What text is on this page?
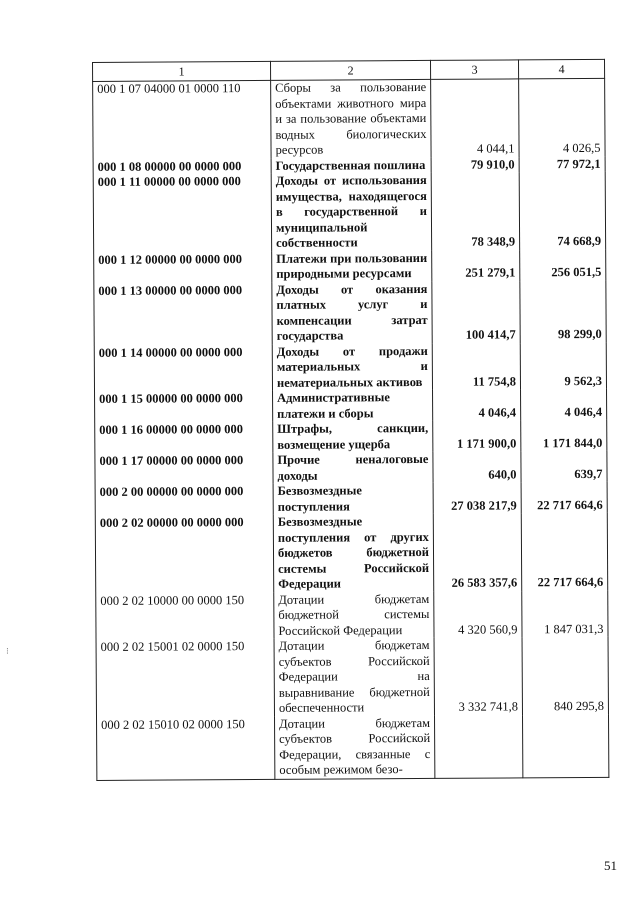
1	2	3	4
000 1 07 04000 01 0000 110	Сборы за пользование объектами животного мира и за пользование объектами водных биологических ресурсов	4 044,1	4 026,5
000 1 08 00000 00 0000 000	Государственная пошлина	79 910,0	77 972,1
000 1 11 00000 00 0000 000	Доходы от использования имущества, находящегося в государственной и муниципальной собственности	78 348,9	74 668,9
000 1 12 00000 00 0000 000	Платежи при пользовании природными ресурсами	251 279,1	256 051,5
000 1 13 00000 00 0000 000	Доходы от оказания платных услуг и компенсации затрат государства	100 414,7	98 299,0
000 1 14 00000 00 0000 000	Доходы от продажи материальных и нематериальных активов	11 754,8	9 562,3
000 1 15 00000 00 0000 000	Административные платежи и сборы	4 046,4	4 046,4
000 1 16 00000 00 0000 000	Штрафы, санкции, возмещение ущерба	1 171 900,0	1 171 844,0
000 1 17 00000 00 0000 000	Прочие неналоговые доходы	640,0	639,7
000 2 00 00000 00 0000 000	Безвозмездные поступления	27 038 217,9	22 717 664,6
000 2 02 00000 00 0000 000	Безвозмездные поступления от других бюджетов бюджетной системы Российской Федерации	26 583 357,6	22 717 664,6
000 2 02 10000 00 0000 150	Дотации бюджетам бюджетной системы Российской Федерации	4 320 560,9	1 847 031,3
000 2 02 15001 02 0000 150	Дотации бюджетам субъектов Российской Федерации на выравнивание бюджетной обеспеченности	3 332 741,8	840 295,8
000 2 02 15010 02 0000 150	Дотации бюджетам субъектов Российской Федерации, связанные с особым режимом безо-		
⁝
51
